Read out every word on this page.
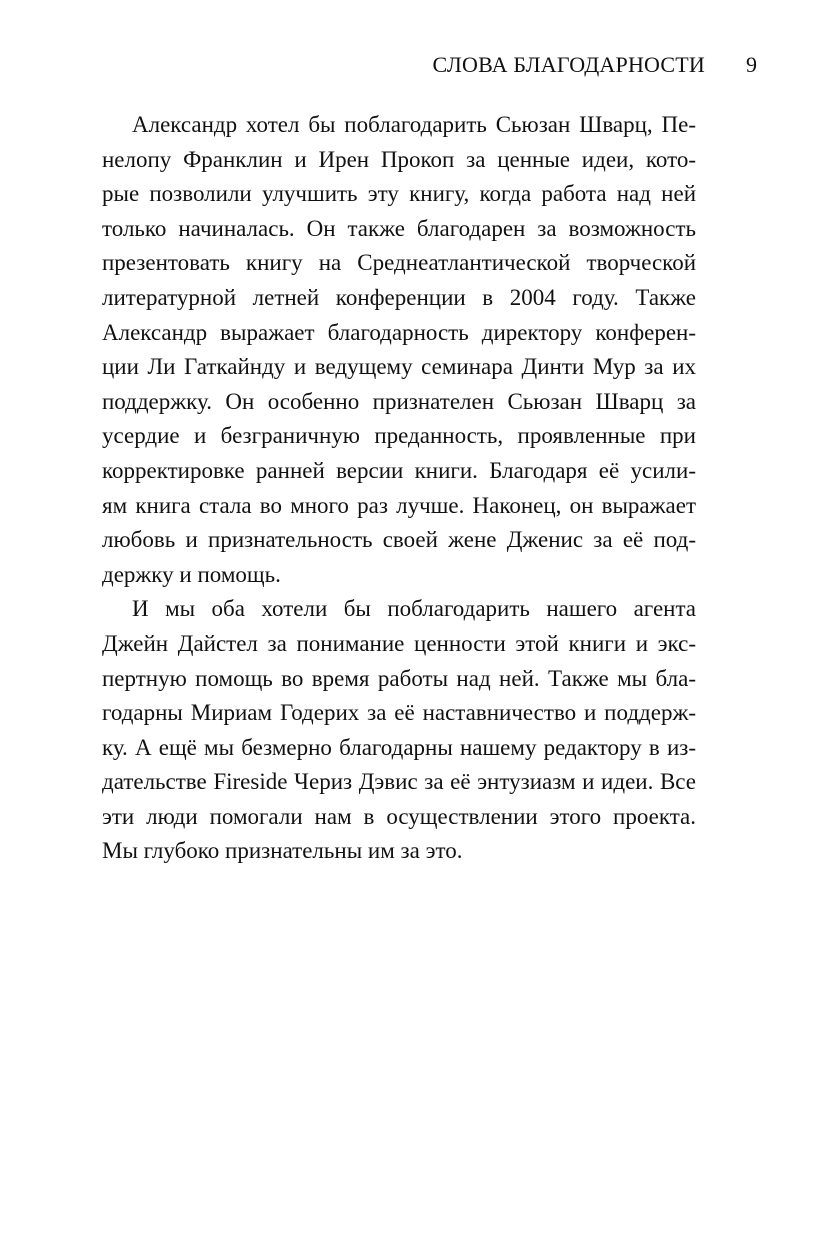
СЛОВА БЛАГОДАРНОСТИ 9
Александр хотел бы поблагодарить Сьюзан Шварц, Пе-
нелопу Франклин и Ирен Прокоп за ценные идеи, кото-
рые позволили улучшить эту книгу, когда работа над ней
только начиналась. Он также благодарен за возможность
презентовать книгу на Среднеатлантической творческой
литературной летней конференции в 2004 году. Также
Александр выражает благодарность директору конферен-
ции Ли Гаткайнду и ведущему семинара Динти Мур за их
поддержку. Он особенно признателен Сьюзан Шварц за
усердие и безграничную преданность, проявленные при
корректировке ранней версии книги. Благодаря её усили-
ям книга стала во много раз лучше. Наконец, он выражает
любовь и признательность своей жене Дженис за её под-
держку и помощь.
И мы оба хотели бы поблагодарить нашего агента
Джейн Дайстел за понимание ценности этой книги и экс-
пертную помощь во время работы над ней. Также мы бла-
годарны Мириам Годерих за её наставничество и поддерж-
ку. А ещё мы безмерно благодарны нашему редактору в из-
дательстве Fireside Чериз Дэвис за её энтузиазм и идеи. Все
эти люди помогали нам в осуществлении этого проекта.
Мы глубоко признательны им за это.
